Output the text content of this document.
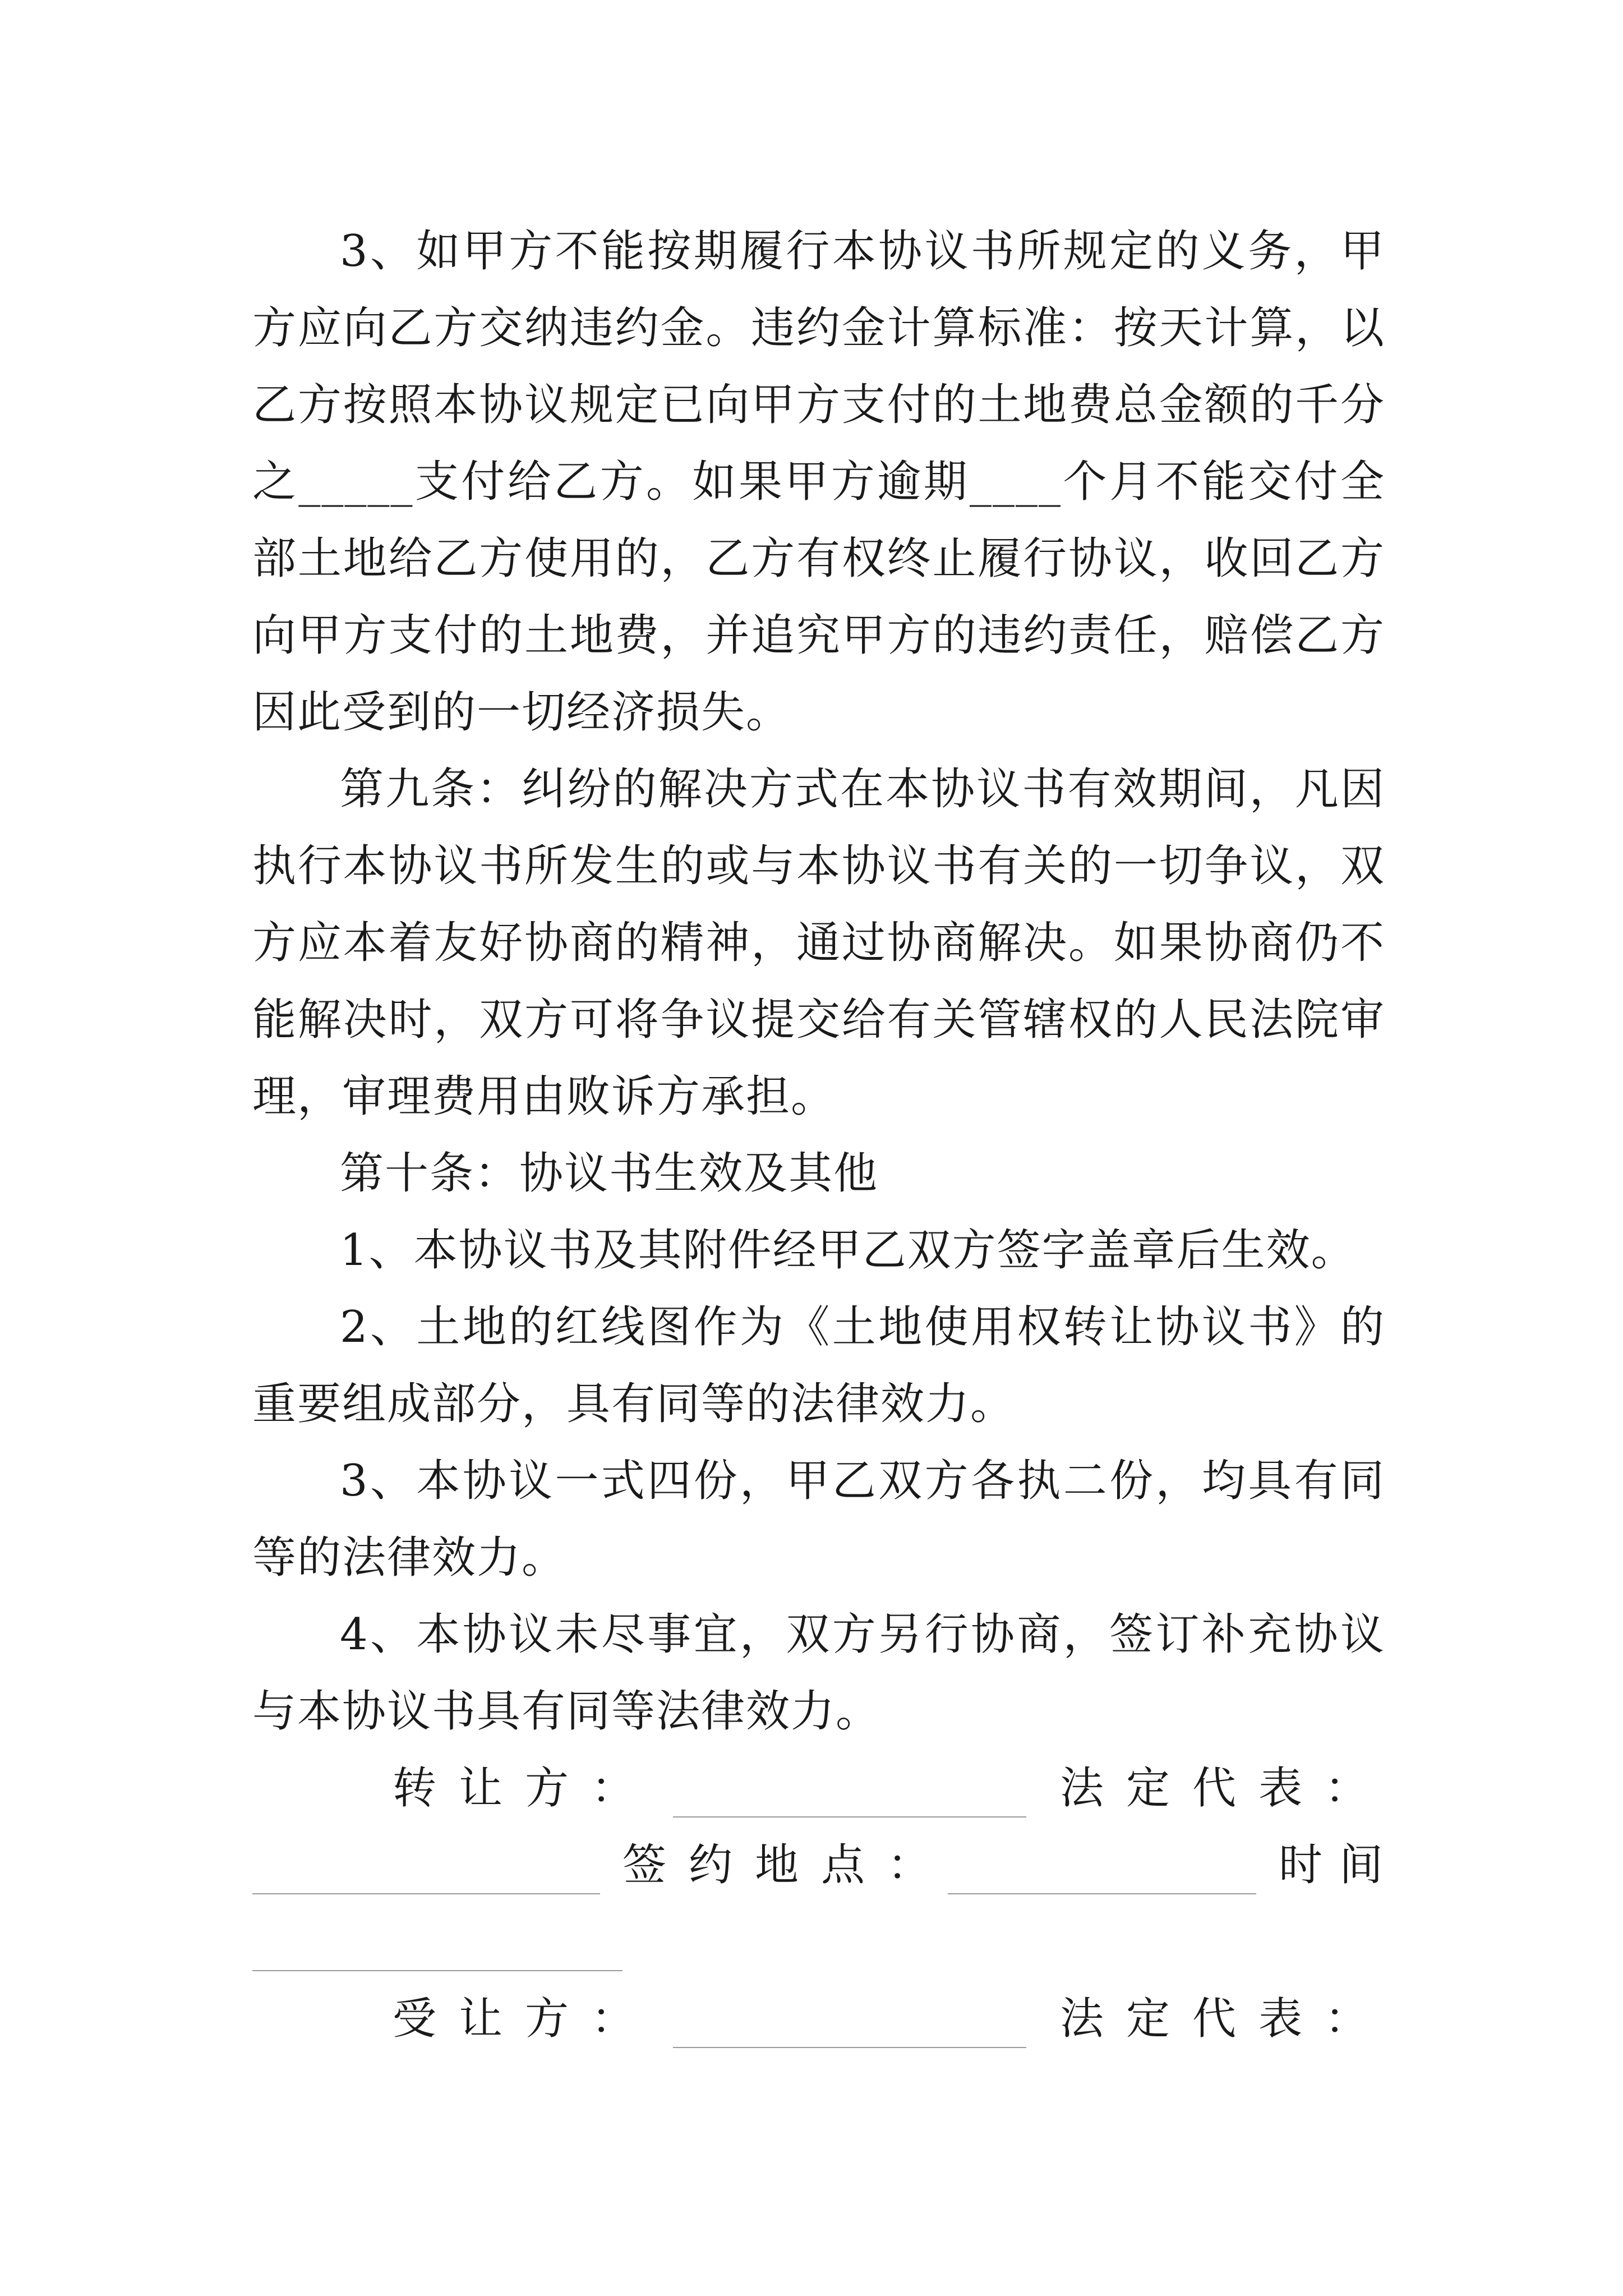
3、如甲方不能按期履行本协议书所规定的义务，甲方应向乙方交纳违约金。违约金计算标准：按天计算，以乙方按照本协议规定已向甲方支付的土地费总金额的千分之_____支付给乙方。如果甲方逾期____个月不能交付全部土地给乙方使用的，乙方有权终止履行协议，收回乙方向甲方支付的土地费，并追究甲方的违约责任，赔偿乙方因此受到的一切经济损失。

第九条：纠纷的解决方式在本协议书有效期间，凡因执行本协议书所发生的或与本协议书有关的一切争议，双方应本着友好协商的精神，通过协商解决。如果协商仍不能解决时，双方可将争议提交给有关管辖权的人民法院审理，审理费用由败诉方承担。

第十条：协议书生效及其他

1、本协议书及其附件经甲乙双方签字盖章后生效。

2、土地的红线图作为《土地使用权转让协议书》的重要组成部分，具有同等的法律效力。

3、本协议一式四份，甲乙双方各执二份，均具有同等的法律效力。

4、本协议未尽事宜，双方另行协商，签订补充协议与本协议书具有同等法律效力。

转让方：	法定代表：
签约地点：	时间
受让方：	法定代表：
